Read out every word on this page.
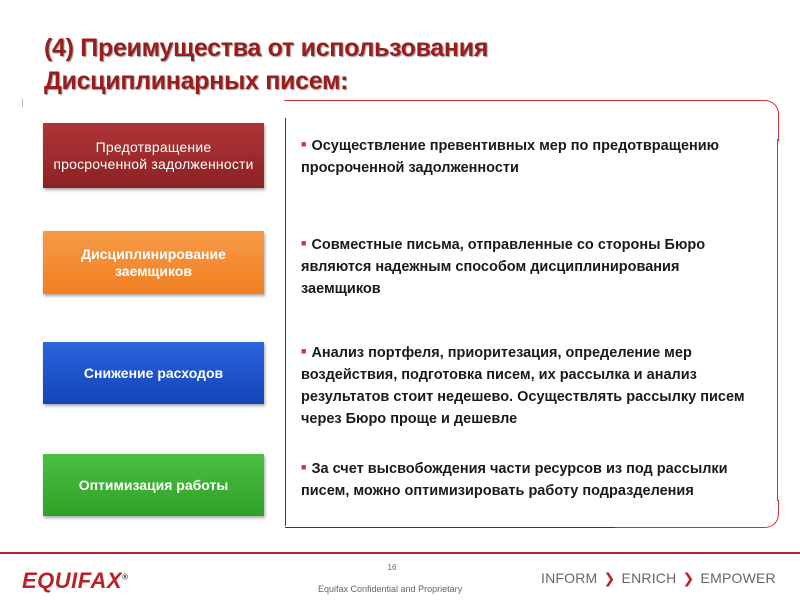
(4) Преимущества от использования
Дисциплинарных писем:
Предотвращение просроченной задолженности
Дисциплинирование заемщиков
Снижение расходов
Оптимизация работы
■ Осуществление превентивных мер по предотвращению просроченной задолженности
■ Совместные письма, отправленные со стороны Бюро являются надежным способом дисциплинирования заемщиков
■ Анализ портфеля, приоритезация, определение мер воздействия, подготовка писем, их рассылка и анализ результатов стоит недешево. Осуществлять рассылку писем через Бюро проще и дешевле
■ За счет высвобождения части ресурсов из под рассылки писем, можно оптимизировать работу подразделения
EQUIFAX®
16
Equifax Confidential and Proprietary
INFORM ❯ ENRICH ❯ EMPOWER
